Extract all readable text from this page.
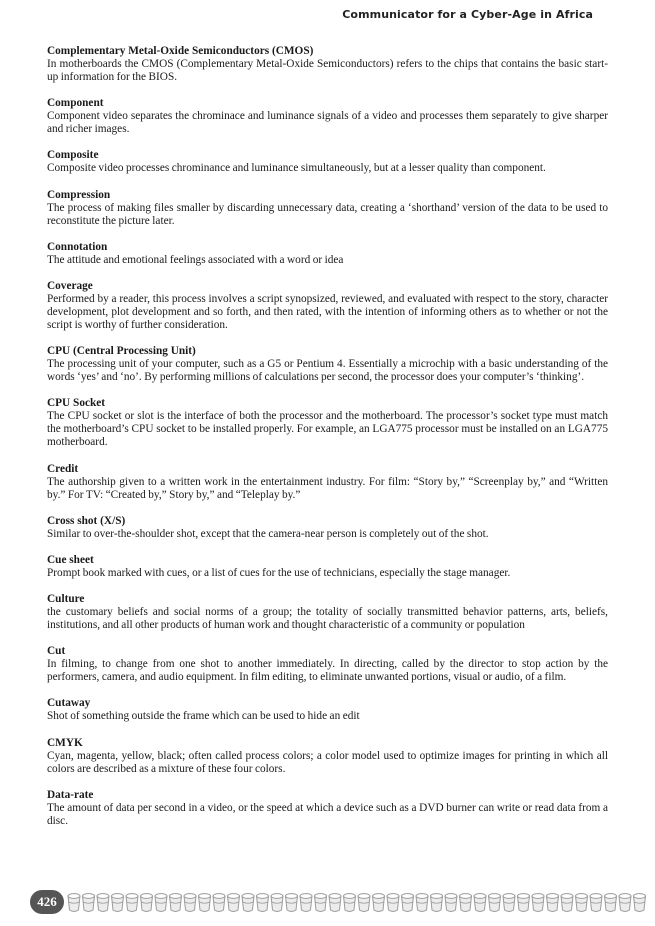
Communicator for a Cyber-Age in Africa
Complementary Metal-Oxide Semiconductors (CMOS)
In motherboards the CMOS (Complementary Metal-Oxide Semiconductors) refers to the chips that contains the basic start-up information for the BIOS.
Component
Component video separates the chrominace and luminance signals of a video and processes them separately to give sharper and richer images.
Composite
Composite video processes chrominance and luminance simultaneously, but at a lesser quality than component.
Compression
The process of making files smaller by discarding unnecessary data, creating a ‘shorthand’ version of the data to be used to reconstitute the picture later.
Connotation
The attitude and emotional feelings associated with a word or idea
Coverage
Performed by a reader, this process involves a script synopsized, reviewed, and evaluated with respect to the story, character development, plot development and so forth, and then rated, with the intention of informing others as to whether or not the script is worthy of further consideration.
CPU (Central Processing Unit)
The processing unit of your computer, such as a G5 or Pentium 4. Essentially a microchip with a basic understanding of the words ‘yes’ and ‘no’. By performing millions of calculations per second, the processor does your computer’s ‘thinking’.
CPU Socket
The CPU socket or slot is the interface of both the processor and the motherboard. The processor’s socket type must match the motherboard’s CPU socket to be installed properly. For example, an LGA775 processor must be installed on an LGA775 motherboard.
Credit
The authorship given to a written work in the entertainment industry. For film: “Story by,” “Screenplay by,” and “Written by.” For TV: “Created by,” Story by,” and “Teleplay by.”
Cross shot (X/S)
Similar to over-the-shoulder shot, except that the camera-near person is completely out of the shot.
Cue sheet
Prompt book marked with cues, or a list of cues for the use of technicians, especially the stage manager.
Culture
the customary beliefs and social norms of a group; the totality of socially transmitted behavior patterns, arts, beliefs, institutions, and all other products of human work and thought characteristic of a community or population
Cut
In filming, to change from one shot to another immediately. In directing, called by the director to stop action by the performers, camera, and audio equipment. In film editing, to eliminate unwanted portions, visual or audio, of a film.
Cutaway
Shot of something outside the frame which can be used to hide an edit
CMYK
Cyan, magenta, yellow, black; often called process colors; a color model used to optimize images for printing in which all colors are described as a mixture of these four colors.
Data-rate
The amount of data per second in a video, or the speed at which a device such as a DVD burner can write or read data from a disc.
426
